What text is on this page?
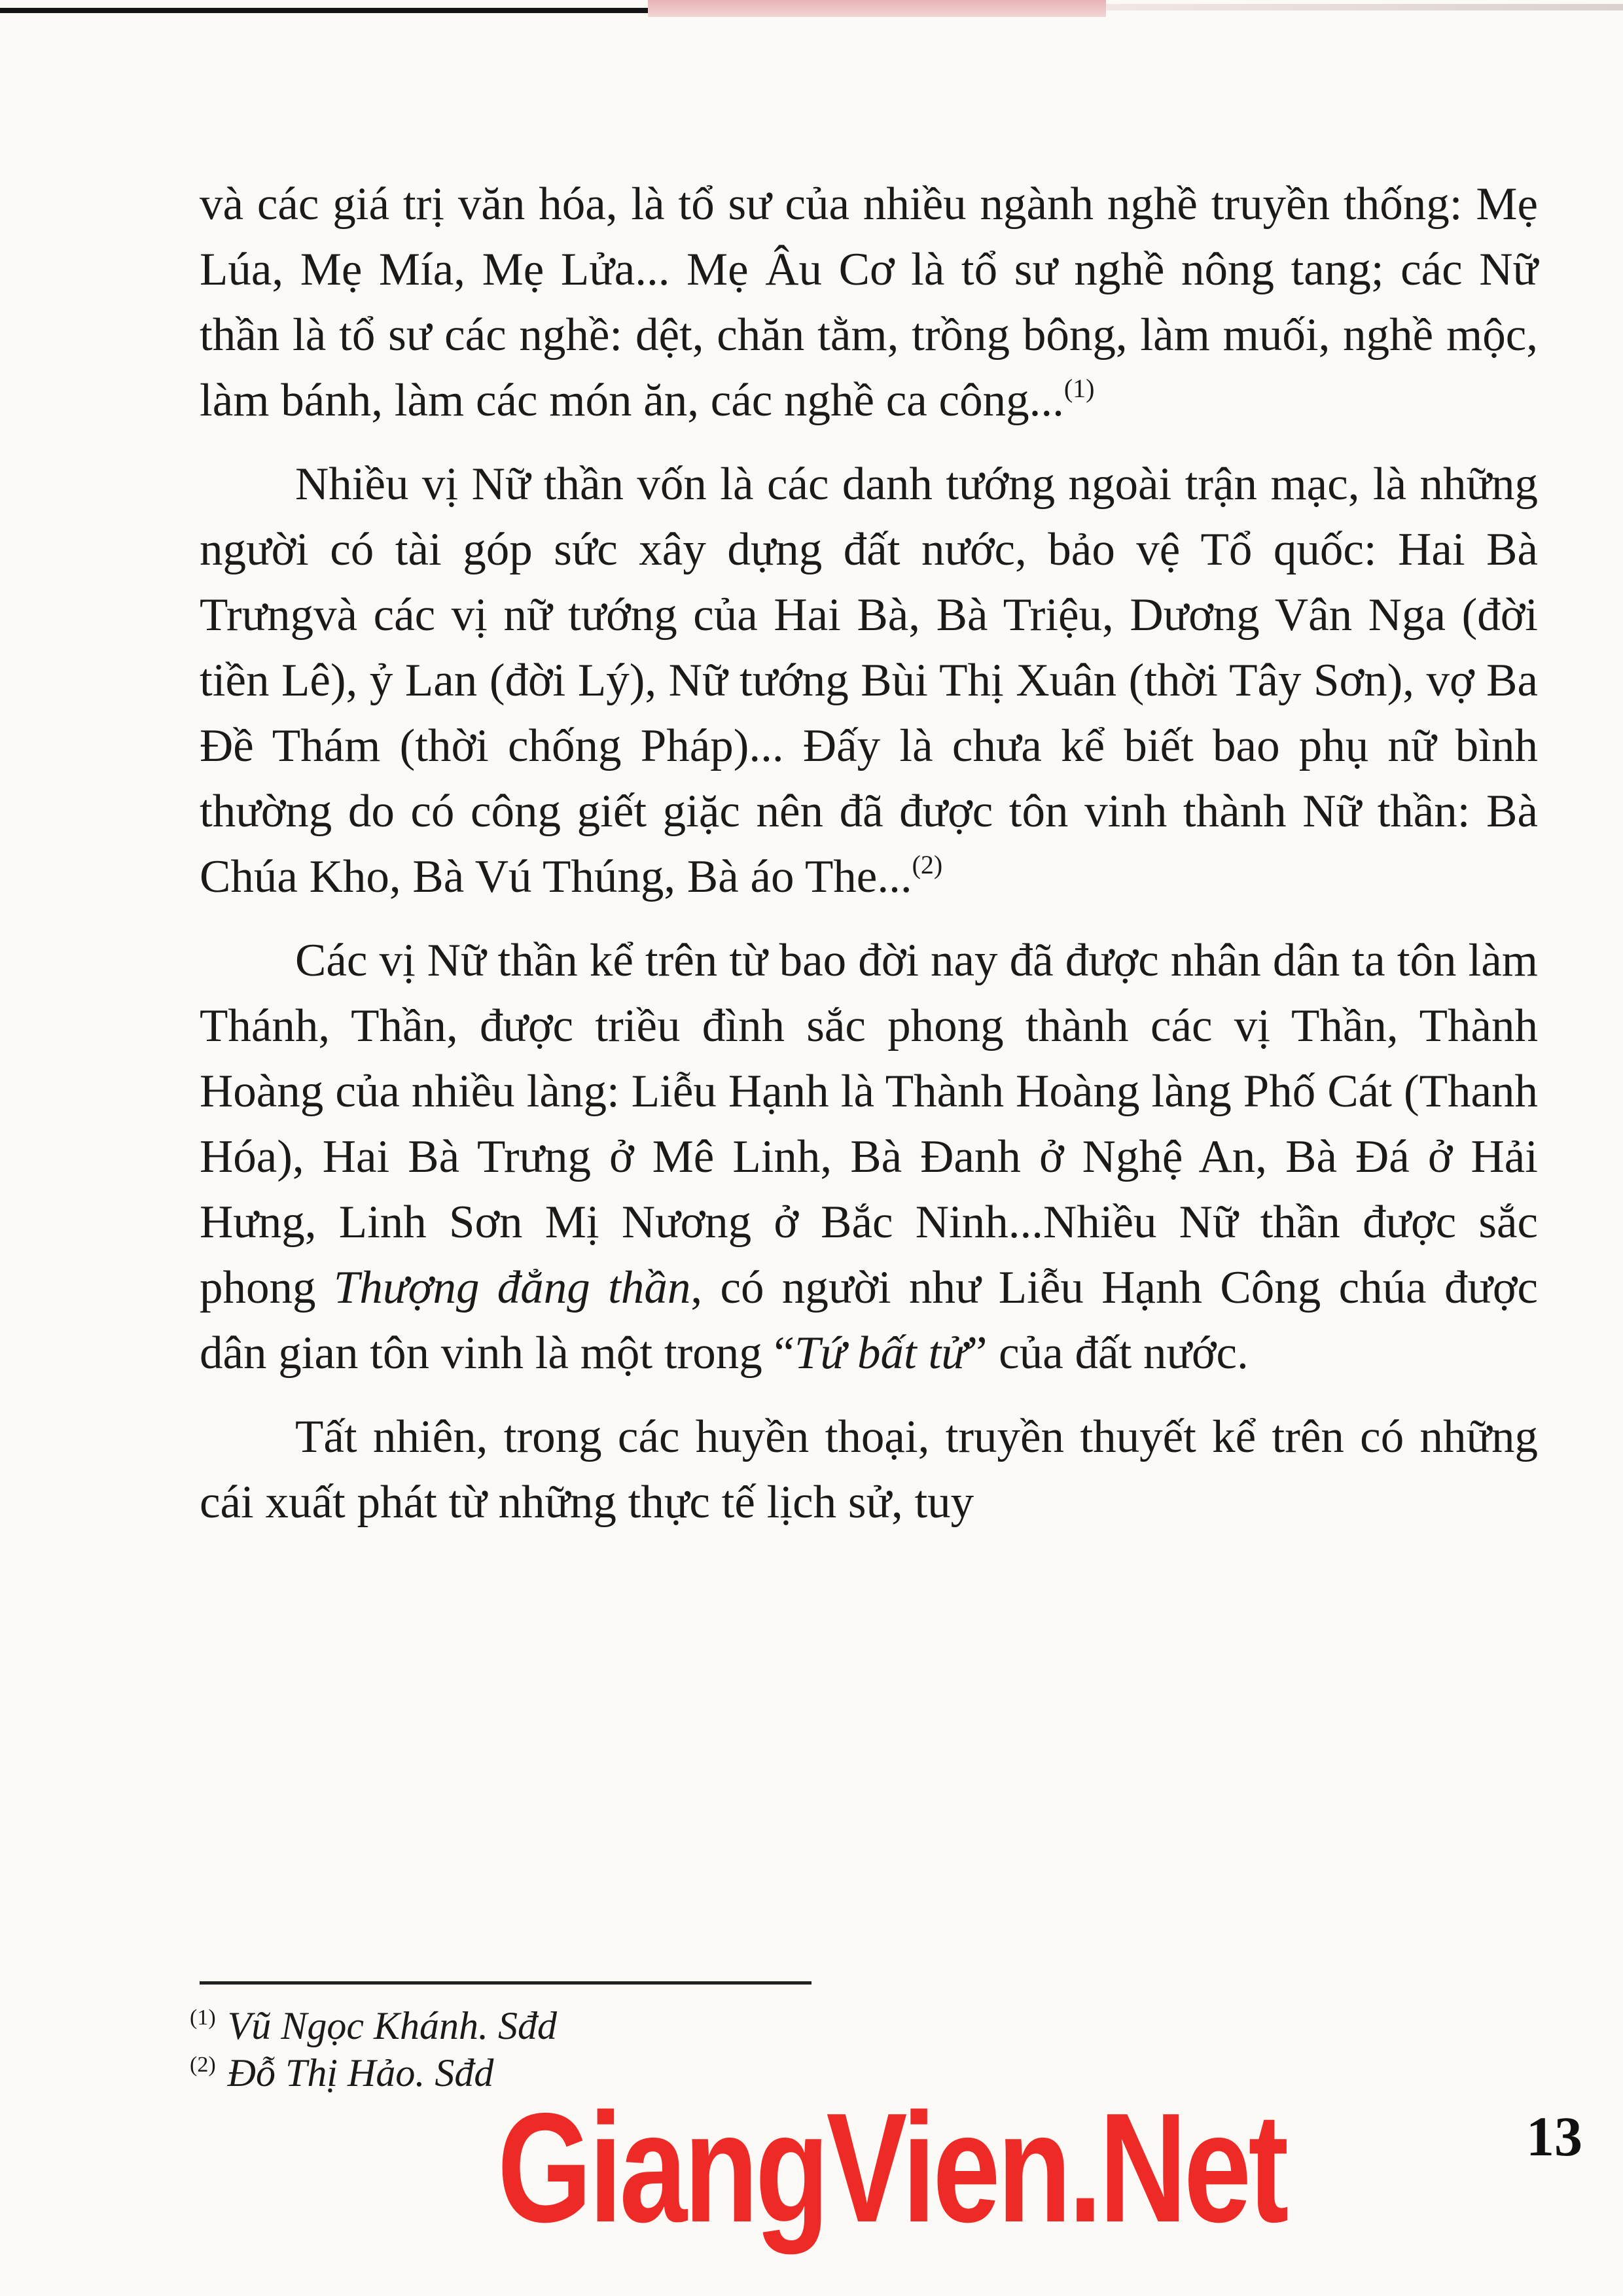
và các giá trị văn hóa, là tổ sư của nhiều ngành nghề truyền thống: Mẹ Lúa, Mẹ Mía, Mẹ Lửa... Mẹ Âu Cơ là tổ sư nghề nông tang; các Nữ thần là tổ sư các nghề: dệt, chăn tằm, trồng bông, làm muối, nghề mộc, làm bánh, làm các món ăn, các nghề ca công...$^{(1)}$

Nhiều vị Nữ thần vốn là các danh tướng ngoài trận mạc, là những người có tài góp sức xây dựng đất nước, bảo vệ Tổ quốc: Hai Bà Trưngvà các vị nữ tướng của Hai Bà, Bà Triệu, Dương Vân Nga (đời tiền Lê), ỷ Lan (đời Lý), Nữ tướng Bùi Thị Xuân (thời Tây Sơn), vợ Ba Đề Thám (thời chống Pháp)... Đấy là chưa kể biết bao phụ nữ bình thường do có công giết giặc nên đã được tôn vinh thành Nữ thần: Bà Chúa Kho, Bà Vú Thúng, Bà áo The...$^{(2)}$

Các vị Nữ thần kể trên từ bao đời nay đã được nhân dân ta tôn làm Thánh, Thần, được triều đình sắc phong thành các vị Thần, Thành Hoàng của nhiều làng: Liễu Hạnh là Thành Hoàng làng Phố Cát (Thanh Hóa), Hai Bà Trưng ở Mê Linh, Bà Đanh ở Nghệ An, Bà Đá ở Hải Hưng, Linh Sơn Mị Nương ở Bắc Ninh...Nhiều Nữ thần được sắc phong Thượng đẳng thần, có người như Liễu Hạnh Công chúa được dân gian tôn vinh là một trong “Tứ bất tử” của đất nước.

Tất nhiên, trong các huyền thoại, truyền thuyết kể trên có những cái xuất phát từ những thực tế lịch sử, tuy

$^{(1)}$ Vũ Ngọc Khánh. Sđd
$^{(2)}$ Đỗ Thị Hảo. Sđd
GiangVien.Net	13
